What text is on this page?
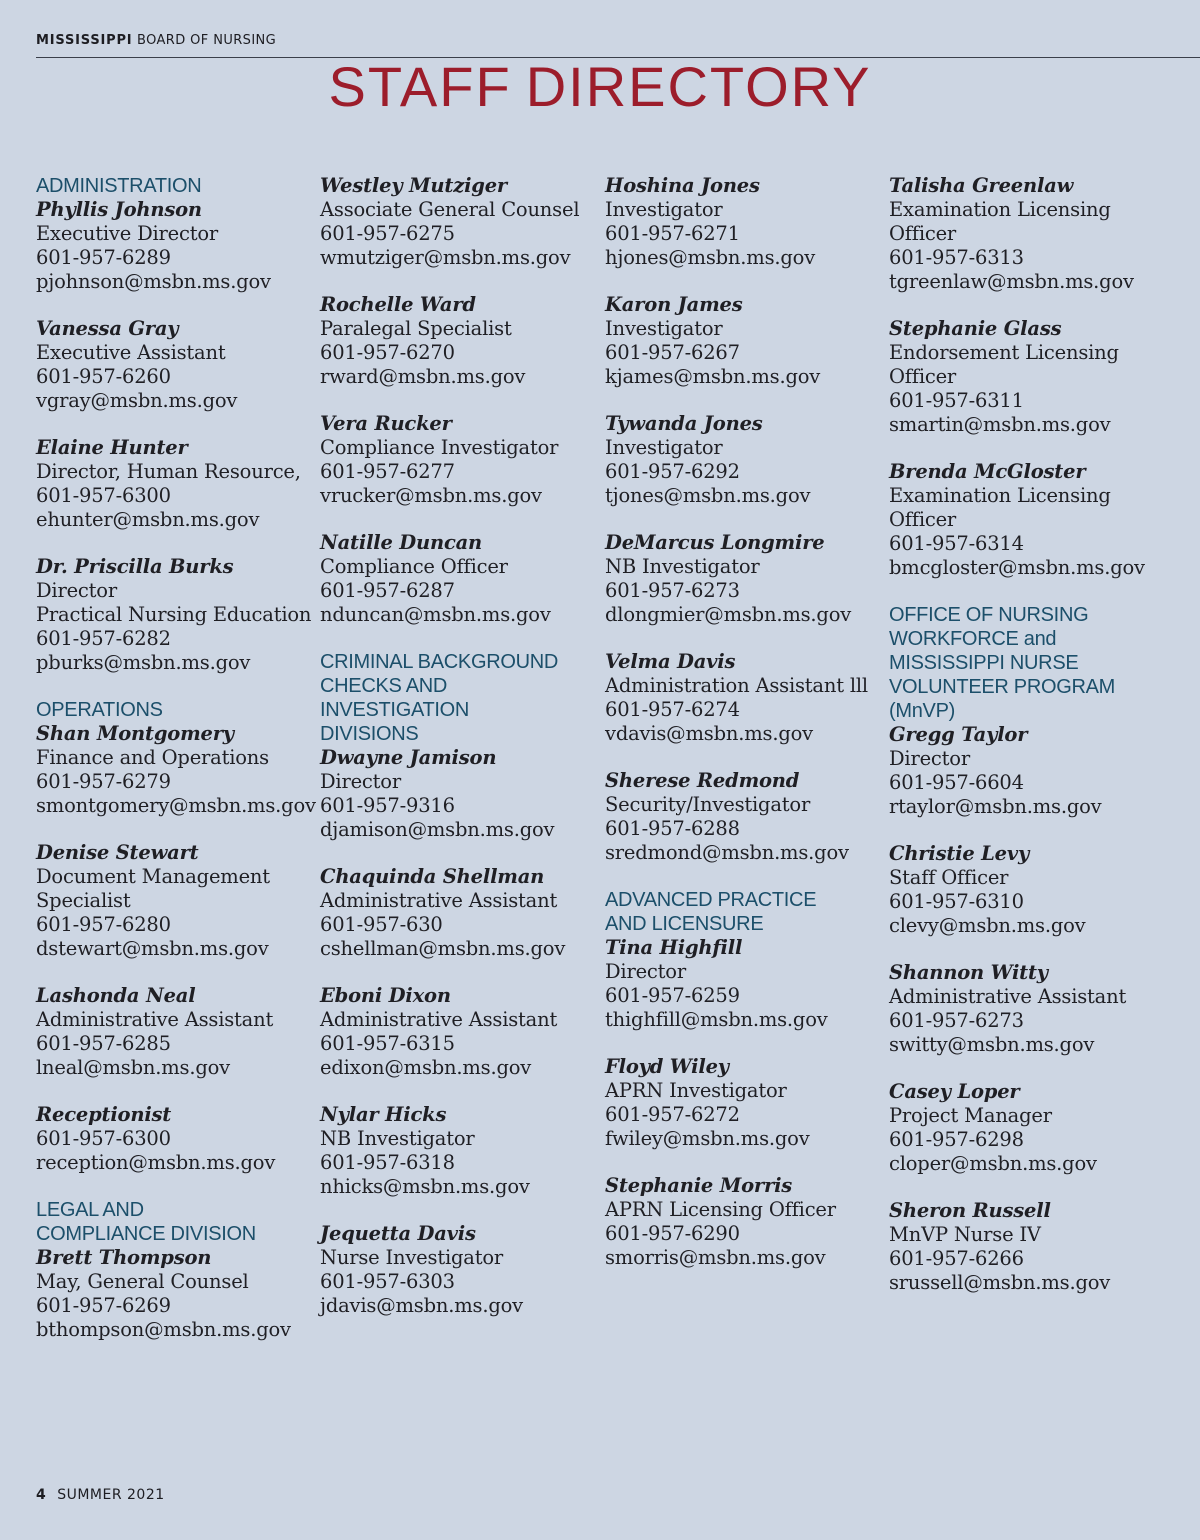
MISSISSIPPI BOARD OF NURSING
STAFF DIRECTORY
ADMINISTRATION
Phyllis Johnson
Executive Director
601-957-6289
pjohnson@msbn.ms.gov
Vanessa Gray
Executive Assistant
601-957-6260
vgray@msbn.ms.gov
Elaine Hunter
Director, Human Resource,
601-957-6300
ehunter@msbn.ms.gov
Dr. Priscilla Burks
Director
Practical Nursing Education
601-957-6282
pburks@msbn.ms.gov
OPERATIONS
Shan Montgomery
Finance and Operations
601-957-6279
smontgomery@msbn.ms.gov
Denise Stewart
Document Management
Specialist
601-957-6280
dstewart@msbn.ms.gov
Lashonda Neal
Administrative Assistant
601-957-6285
lneal@msbn.ms.gov
Receptionist
601-957-6300
reception@msbn.ms.gov
LEGAL AND
COMPLIANCE DIVISION
Brett Thompson
May, General Counsel
601-957-6269
bthompson@msbn.ms.gov
Westley Mutziger
Associate General Counsel
601-957-6275
wmutziger@msbn.ms.gov
Rochelle Ward
Paralegal Specialist
601-957-6270
rward@msbn.ms.gov
Vera Rucker
Compliance Investigator
601-957-6277
vrucker@msbn.ms.gov
Natille Duncan
Compliance Officer
601-957-6287
nduncan@msbn.ms.gov
CRIMINAL BACKGROUND
CHECKS AND INVESTIGATION
DIVISIONS
Dwayne Jamison
Director
601-957-9316
djamison@msbn.ms.gov
Chaquinda Shellman
Administrative Assistant
601-957-630
cshellman@msbn.ms.gov
Eboni Dixon
Administrative Assistant
601-957-6315
edixon@msbn.ms.gov
Nylar Hicks
NB Investigator
601-957-6318
nhicks@msbn.ms.gov
Jequetta Davis
Nurse Investigator
601-957-6303
jdavis@msbn.ms.gov
Hoshina Jones
Investigator
601-957-6271
hjones@msbn.ms.gov
Karon James
Investigator
601-957-6267
kjames@msbn.ms.gov
Tywanda Jones
Investigator
601-957-6292
tjones@msbn.ms.gov
DeMarcus Longmire
NB Investigator
601-957-6273
dlongmier@msbn.ms.gov
Velma Davis
Administration Assistant lll
601-957-6274
vdavis@msbn.ms.gov
Sherese Redmond
Security/Investigator
601-957-6288
sredmond@msbn.ms.gov
ADVANCED PRACTICE
AND LICENSURE
Tina Highfill
Director
601-957-6259
thighfill@msbn.ms.gov
Floyd Wiley
APRN Investigator
601-957-6272
fwiley@msbn.ms.gov
Stephanie Morris
APRN Licensing Officer
601-957-6290
smorris@msbn.ms.gov
Talisha Greenlaw
Examination Licensing Officer
601-957-6313
tgreenlaw@msbn.ms.gov
Stephanie Glass
Endorsement Licensing
Officer
601-957-6311
smartin@msbn.ms.gov
Brenda McGloster
Examination Licensing Officer
601-957-6314
bmcgloster@msbn.ms.gov
OFFICE OF NURSING
WORKFORCE and
MISSISSIPPI NURSE
VOLUNTEER PROGRAM (MnVP)
Gregg Taylor
Director
601-957-6604
rtaylor@msbn.ms.gov
Christie Levy
Staff Officer
601-957-6310
clevy@msbn.ms.gov
Shannon Witty
Administrative Assistant
601-957-6273
switty@msbn.ms.gov
Casey Loper
Project Manager
601-957-6298
cloper@msbn.ms.gov
Sheron Russell
MnVP Nurse IV
601-957-6266
srussell@msbn.ms.gov
4 SUMMER 2021
